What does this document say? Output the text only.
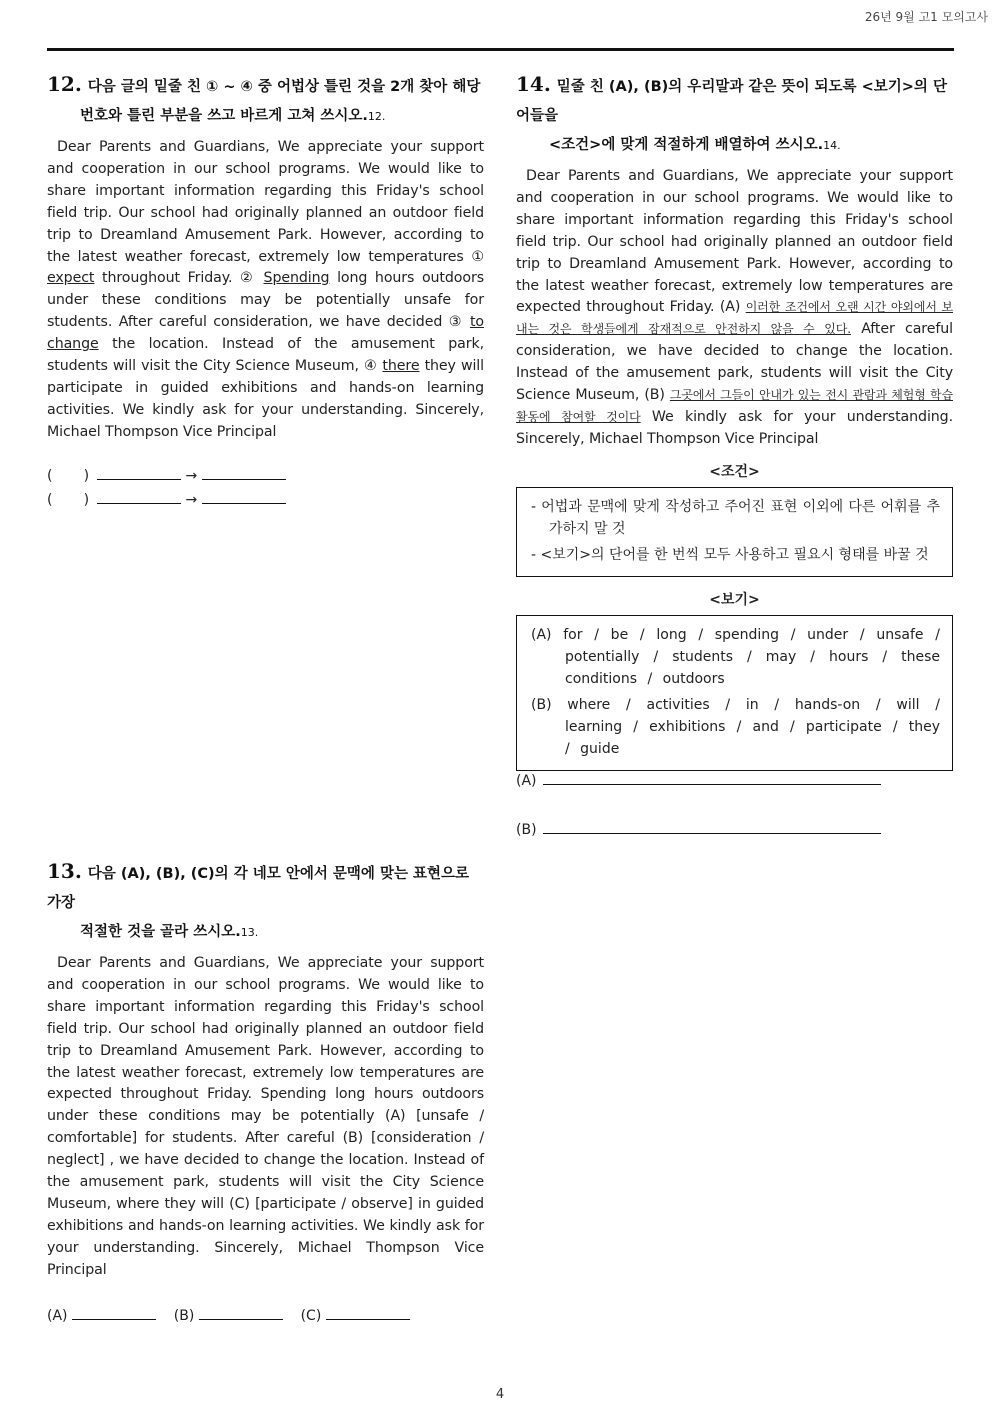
26년 9월 고1 모의고사
12. 다음 글의 밑줄 친 ① ~ ④ 중 어법상 틀린 것을 2개 찾아 해당
번호와 틀린 부분을 쓰고 바르게 고쳐 쓰시오.12.
Dear Parents and Guardians, We appreciate your support and cooperation in our school programs. We would like to share important information regarding this Friday's school field trip. Our school had originally planned an outdoor field trip to Dreamland Amusement Park. However, according to the latest weather forecast, extremely low temperatures ① expect throughout Friday. ② Spending long hours outdoors under these conditions may be potentially unsafe for students. After careful consideration, we have decided ③ to change the location. Instead of the amusement park, students will visit the City Science Museum, ④ there they will participate in guided exhibitions and hands-on learning activities. We kindly ask for your understanding. Sincerely, Michael Thompson Vice Principal
( )	→
( )	→
13. 다음 (A), (B), (C)의 각 네모 안에서 문맥에 맞는 표현으로 가장
적절한 것을 골라 쓰시오.13.
Dear Parents and Guardians, We appreciate your support and cooperation in our school programs. We would like to share important information regarding this Friday's school field trip. Our school had originally planned an outdoor field trip to Dreamland Amusement Park. However, according to the latest weather forecast, extremely low temperatures are expected throughout Friday. Spending long hours outdoors under these conditions may be potentially (A) [unsafe / comfortable] for students. After careful (B) [consideration / neglect] , we have decided to change the location. Instead of the amusement park, students will visit the City Science Museum, where they will (C) [participate / observe] in guided exhibitions and hands-on learning activities. We kindly ask for your understanding. Sincerely, Michael Thompson Vice Principal
(A)	(B)	(C)
14. 밑줄 친 (A), (B)의 우리말과 같은 뜻이 되도록 <보기>의 단어들을
<조건>에 맞게 적절하게 배열하여 쓰시오.14.
Dear Parents and Guardians, We appreciate your support and cooperation in our school programs. We would like to share important information regarding this Friday's school field trip. Our school had originally planned an outdoor field trip to Dreamland Amusement Park. However, according to the latest weather forecast, extremely low temperatures are expected throughout Friday. (A) 이러한 조건에서 오랜 시간 야외에서 보내는 것은 학생들에게 잠재적으로 안전하지 않을 수 있다. After careful consideration, we have decided to change the location. Instead of the amusement park, students will visit the City Science Museum, (B) 그곳에서 그들이 안내가 있는 전시 관람과 체험형 학습 활동에 참여할 것이다 We kindly ask for your understanding. Sincerely, Michael Thompson Vice Principal
<조건>
- 어법과 문맥에 맞게 작성하고 주어진 표현 이외에 다른 어휘를 추가하지 말 것
- <보기>의 단어를 한 번씩 모두 사용하고 필요시 형태를 바꿀 것
<보기>
(A) for / be / long / spending / under / unsafe / potentially / students / may / hours / these conditions / outdoors
(B) where / activities / in / hands-on / will / learning / exhibitions / and / participate / they / guide
(A)
(B)
4
